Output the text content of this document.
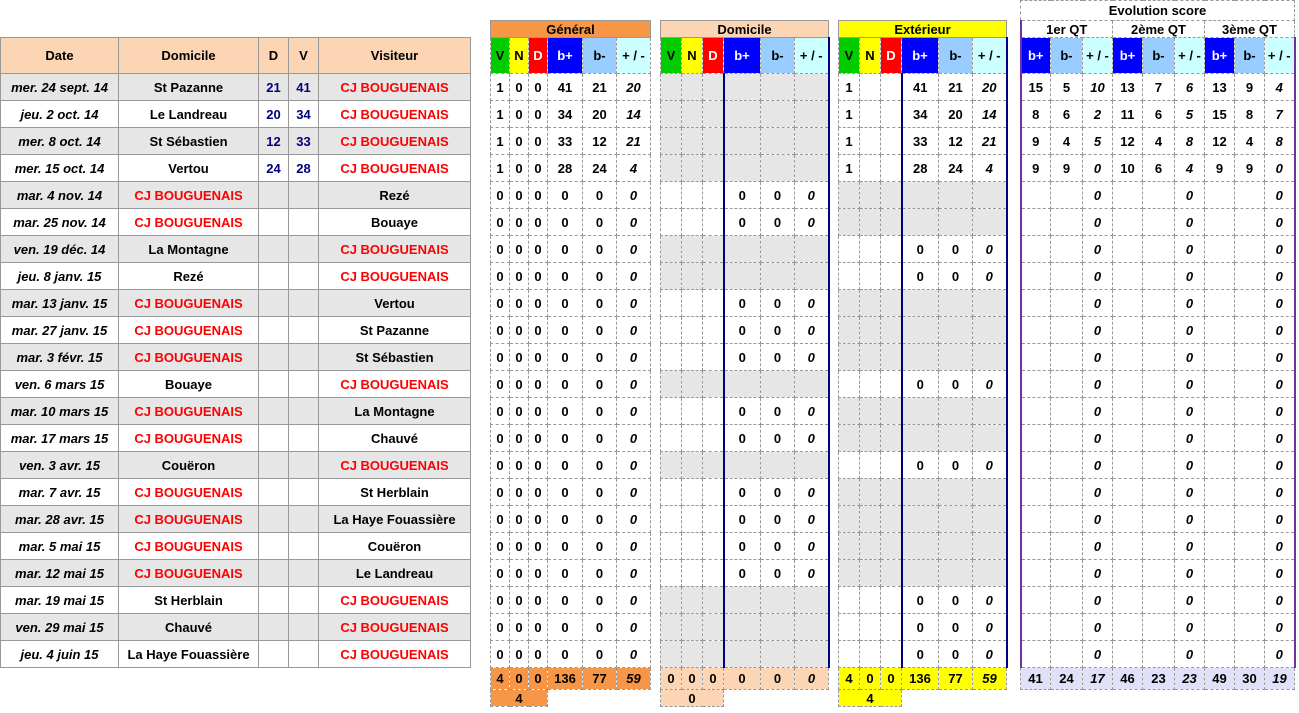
																											Evolution score								
						Général							Domicile							Extérieur							1er QT			2ème QT			3ème QT		
Date	Domicile	D	V	Visiteur		V	N	D	b+	b-	+ / -		V	N	D	b+	b-	+ / -		V	N	D	b+	b-	+ / -		b+	b-	+ / -	b+	b-	+ / -	b+	b-	+ / -
mer. 24 sept. 14	St Pazanne	21	41	CJ BOUGUENAIS		1	0	0	41	21	20									1			41	21	20		15	5	10	13	7	6	13	9	4
jeu. 2 oct. 14	Le Landreau	20	34	CJ BOUGUENAIS		1	0	0	34	20	14									1			34	20	14		8	6	2	11	6	5	15	8	7
mer. 8 oct. 14	St Sébastien	12	33	CJ BOUGUENAIS		1	0	0	33	12	21									1			33	12	21		9	4	5	12	4	8	12	4	8
mer. 15 oct. 14	Vertou	24	28	CJ BOUGUENAIS		1	0	0	28	24	4									1			28	24	4		9	9	0	10	6	4	9	9	0
mar. 4 nov. 14	CJ BOUGUENAIS			Rezé		0	0	0	0	0	0					0	0	0											0			0			0
mar. 25 nov. 14	CJ BOUGUENAIS			Bouaye		0	0	0	0	0	0					0	0	0											0			0			0
ven. 19 déc. 14	La Montagne			CJ BOUGUENAIS		0	0	0	0	0	0												0	0	0				0			0			0
jeu. 8 janv. 15	Rezé			CJ BOUGUENAIS		0	0	0	0	0	0												0	0	0				0			0			0
mar. 13 janv. 15	CJ BOUGUENAIS			Vertou		0	0	0	0	0	0					0	0	0											0			0			0
mar. 27 janv. 15	CJ BOUGUENAIS			St Pazanne		0	0	0	0	0	0					0	0	0											0			0			0
mar. 3 févr. 15	CJ BOUGUENAIS			St Sébastien		0	0	0	0	0	0					0	0	0											0			0			0
ven. 6 mars 15	Bouaye			CJ BOUGUENAIS		0	0	0	0	0	0												0	0	0				0			0			0
mar. 10 mars 15	CJ BOUGUENAIS			La Montagne		0	0	0	0	0	0					0	0	0											0			0			0
mar. 17 mars 15	CJ BOUGUENAIS			Chauvé		0	0	0	0	0	0					0	0	0											0			0			0
ven. 3 avr. 15	Couëron			CJ BOUGUENAIS		0	0	0	0	0	0												0	0	0				0			0			0
mar. 7 avr. 15	CJ BOUGUENAIS			St Herblain		0	0	0	0	0	0					0	0	0											0			0			0
mar. 28 avr. 15	CJ BOUGUENAIS			La Haye Fouassière		0	0	0	0	0	0					0	0	0											0			0			0
mar. 5 mai 15	CJ BOUGUENAIS			Couëron		0	0	0	0	0	0					0	0	0											0			0			0
mar. 12 mai 15	CJ BOUGUENAIS			Le Landreau		0	0	0	0	0	0					0	0	0											0			0			0
mar. 19 mai 15	St Herblain			CJ BOUGUENAIS		0	0	0	0	0	0												0	0	0				0			0			0
ven. 29 mai 15	Chauvé			CJ BOUGUENAIS		0	0	0	0	0	0												0	0	0				0			0			0
jeu. 4 juin 15	La Haye Fouassière			CJ BOUGUENAIS		0	0	0	0	0	0												0	0	0				0			0			0
						4	0	0	136	77	59		0	0	0	0	0	0		4	0	0	136	77	59		41	24	17	46	23	23	49	30	19
						4							0							4															
